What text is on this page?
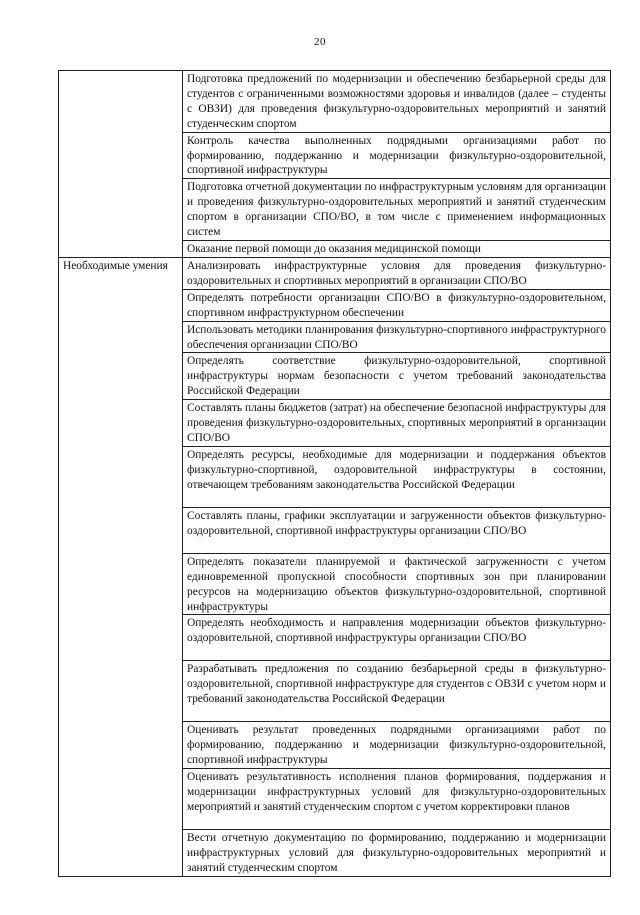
20
	Подготовка предложений по модернизации и обеспечению безбарьерной среды для студентов с ограниченными возможностями здоровья и инвалидов (далее – студенты с ОВЗИ) для проведения физкультурно-оздоровительных мероприятий и занятий студенческим спортом
	Контроль качества выполненных подрядными организациями работ по формированию, поддержанию и модернизации физкультурно-оздоровительной, спортивной инфраструктуры
	Подготовка отчетной документации по инфраструктурным условиям для организации и проведения физкультурно-оздоровительных мероприятий и занятий студенческим спортом в организации СПО/ВО, в том числе с применением информационных систем
	Оказание первой помощи до оказания медицинской помощи
Необходимые умения	Анализировать инфраструктурные условия для проведения физкультурно-оздоровительных и спортивных мероприятий в организации СПО/ВО
	Определять потребности организации СПО/ВО в физкультурно-оздоровительном, спортивном инфраструктурном обеспечении
	Использовать методики планирования физкультурно-спортивного инфраструктурного обеспечения организации СПО/ВО
	Определять соответствие физкультурно-оздоровительной, спортивной инфраструктуры нормам безопасности с учетом требований законодательства Российской Федерации
	Составлять планы бюджетов (затрат) на обеспечение безопасной инфраструктуры для проведения физкультурно-оздоровительных, спортивных мероприятий в организации СПО/ВО
	Определять ресурсы, необходимые для модернизации и поддержания объектов физкультурно-спортивной, оздоровительной инфраструктуры в состоянии, отвечающем требованиям законодательства Российской Федерации
	Составлять планы, графики эксплуатации и загруженности объектов физкультурно-оздоровительной, спортивной инфраструктуры организации СПО/ВО
	Определять показатели планируемой и фактической загруженности с учетом единовременной пропускной способности спортивных зон при планировании ресурсов на модернизацию объектов физкультурно-оздоровительной, спортивной инфраструктуры
	Определять необходимость и направления модернизации объектов физкультурно-оздоровительной, спортивной инфраструктуры организации СПО/ВО
	Разрабатывать предложения по созданию безбарьерной среды в физкультурно-оздоровительной, спортивной инфраструктуре для студентов с ОВЗИ с учетом норм и требований законодательства Российской Федерации
	Оценивать результат проведенных подрядными организациями работ по формированию, поддержанию и модернизации физкультурно-оздоровительной, спортивной инфраструктуры
	Оценивать результативность исполнения планов формирования, поддержания и модернизации инфраструктурных условий для физкультурно-оздоровительных мероприятий и занятий студенческим спортом с учетом корректировки планов
	Вести отчетную документацию по формированию, поддержанию и модернизации инфраструктурных условий для физкультурно-оздоровительных мероприятий и занятий студенческим спортом
